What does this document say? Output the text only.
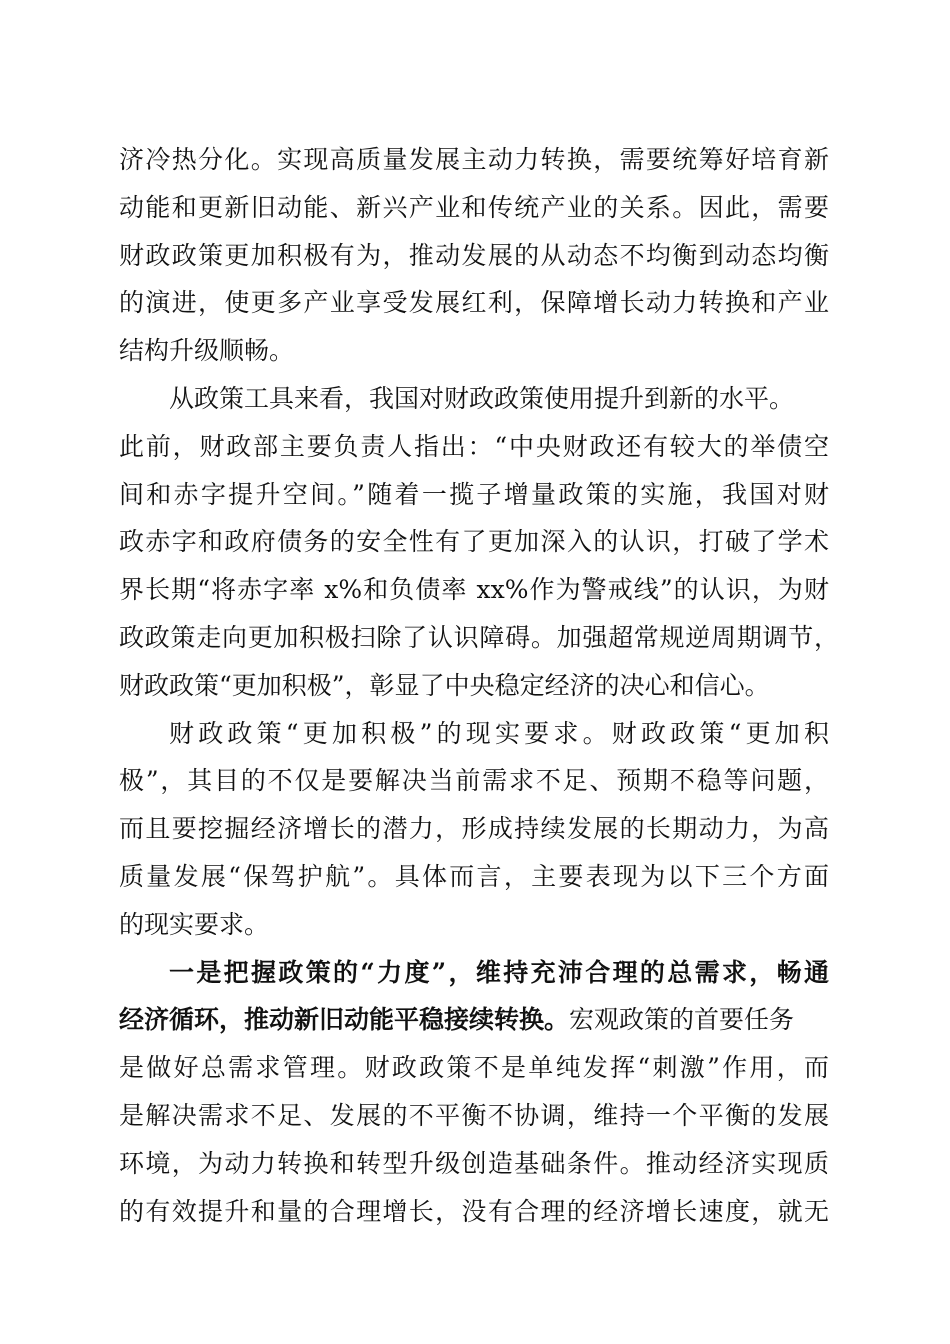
济冷热分化。实现高质量发展主动力转换，需要统筹好培育新
动能和更新旧动能、新兴产业和传统产业的关系。因此，需要
财政政策更加积极有为，推动发展的从动态不均衡到动态均衡
的演进，使更多产业享受发展红利，保障增长动力转换和产业
结构升级顺畅。
从政策工具来看，我国对财政政策使用提升到新的水平。
此前，财政部主要负责人指出：“中央财政还有较大的举债空
间和赤字提升空间。”随着一揽子增量政策的实施，我国对财
政赤字和政府债务的安全性有了更加深入的认识，打破了学术
界长期“将赤字率 x%和负债率 xx%作为警戒线”的认识，为财
政政策走向更加积极扫除了认识障碍。加强超常规逆周期调节，
财政政策“更加积极”，彰显了中央稳定经济的决心和信心。
财政政策“更加积极”的现实要求。财政政策“更加积
极”，其目的不仅是要解决当前需求不足、预期不稳等问题，
而且要挖掘经济增长的潜力，形成持续发展的长期动力，为高
质量发展“保驾护航”。具体而言，主要表现为以下三个方面
的现实要求。
一是把握政策的“力度”，维持充沛合理的总需求，畅通
经济循环，推动新旧动能平稳接续转换。宏观政策的首要任务
是做好总需求管理。财政政策不是单纯发挥“刺激”作用，而
是解决需求不足、发展的不平衡不协调，维持一个平衡的发展
环境，为动力转换和转型升级创造基础条件。推动经济实现质
的有效提升和量的合理增长，没有合理的经济增长速度，就无
